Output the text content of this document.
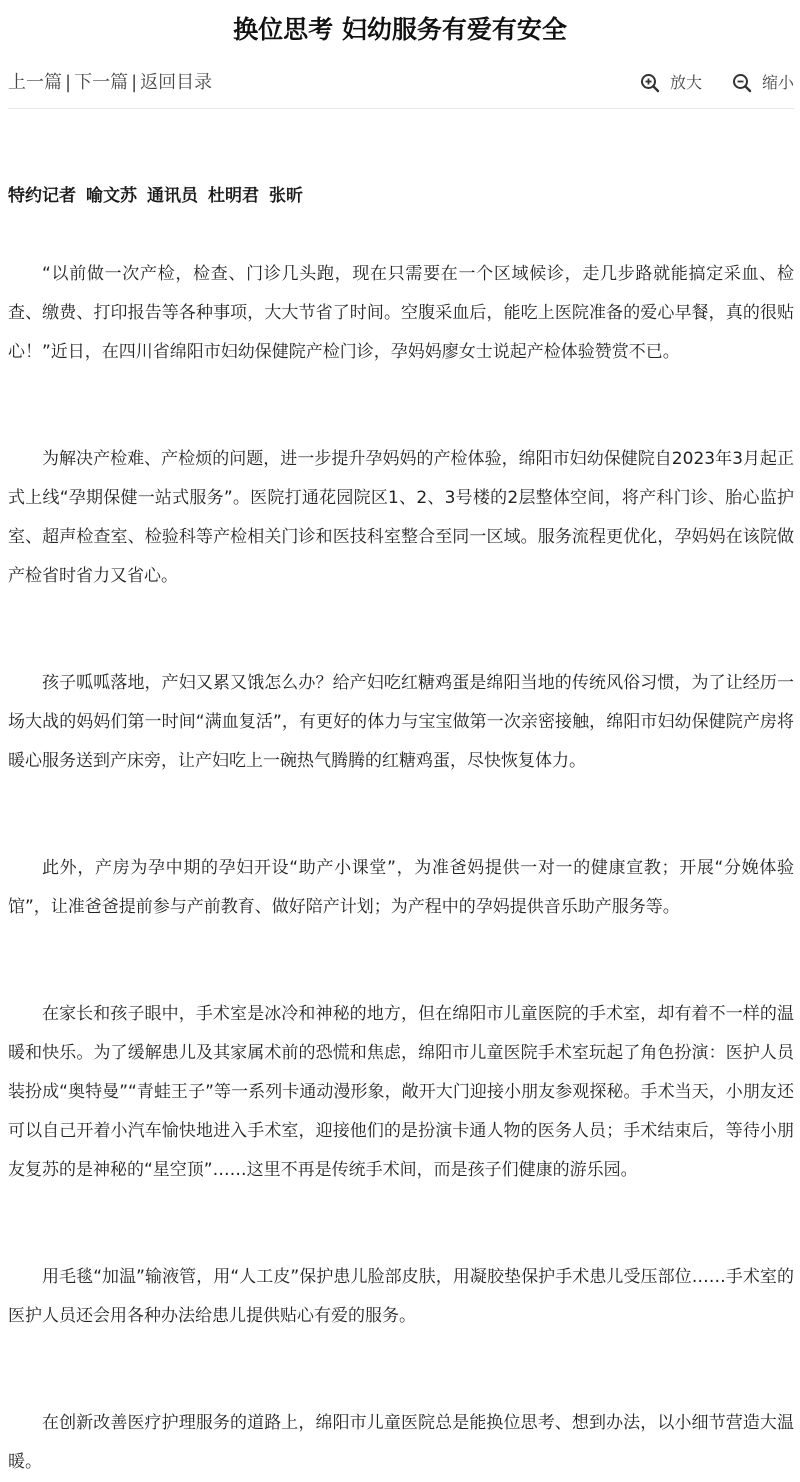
换位思考 妇幼服务有爱有安全
上一篇 | 下一篇 | 返回目录	放大	缩小
特约记者 喻文苏 通讯员 杜明君 张昕

“以前做一次产检，检查、门诊几头跑，现在只需要在一个区域候诊，走几步路就能搞定采血、检查、缴费、打印报告等各种事项，大大节省了时间。空腹采血后，能吃上医院准备的爱心早餐，真的很贴心！”近日，在四川省绵阳市妇幼保健院产检门诊，孕妈妈廖女士说起产检体验赞赏不已。

为解决产检难、产检烦的问题，进一步提升孕妈妈的产检体验，绵阳市妇幼保健院自2023年3月起正式上线“孕期保健一站式服务”。医院打通花园院区1、2、3号楼的2层整体空间，将产科门诊、胎心监护室、超声检查室、检验科等产检相关门诊和医技科室整合至同一区域。服务流程更优化，孕妈妈在该院做产检省时省力又省心。

孩子呱呱落地，产妇又累又饿怎么办？给产妇吃红糖鸡蛋是绵阳当地的传统风俗习惯，为了让经历一场大战的妈妈们第一时间“满血复活”，有更好的体力与宝宝做第一次亲密接触，绵阳市妇幼保健院产房将暖心服务送到产床旁，让产妇吃上一碗热气腾腾的红糖鸡蛋，尽快恢复体力。

此外，产房为孕中期的孕妇开设“助产小课堂”，为准爸妈提供一对一的健康宣教；开展“分娩体验馆”，让准爸爸提前参与产前教育、做好陪产计划；为产程中的孕妈提供音乐助产服务等。

在家长和孩子眼中，手术室是冰冷和神秘的地方，但在绵阳市儿童医院的手术室，却有着不一样的温暖和快乐。为了缓解患儿及其家属术前的恐慌和焦虑，绵阳市儿童医院手术室玩起了角色扮演：医护人员装扮成“奥特曼”“青蛙王子”等一系列卡通动漫形象，敞开大门迎接小朋友参观探秘。手术当天，小朋友还可以自己开着小汽车愉快地进入手术室，迎接他们的是扮演卡通人物的医务人员；手术结束后，等待小朋友复苏的是神秘的“星空顶”……这里不再是传统手术间，而是孩子们健康的游乐园。

用毛毯“加温”输液管，用“人工皮”保护患儿脸部皮肤，用凝胶垫保护手术患儿受压部位……手术室的医护人员还会用各种办法给患儿提供贴心有爱的服务。

在创新改善医疗护理服务的道路上，绵阳市儿童医院总是能换位思考、想到办法，以小细节营造大温暖。
